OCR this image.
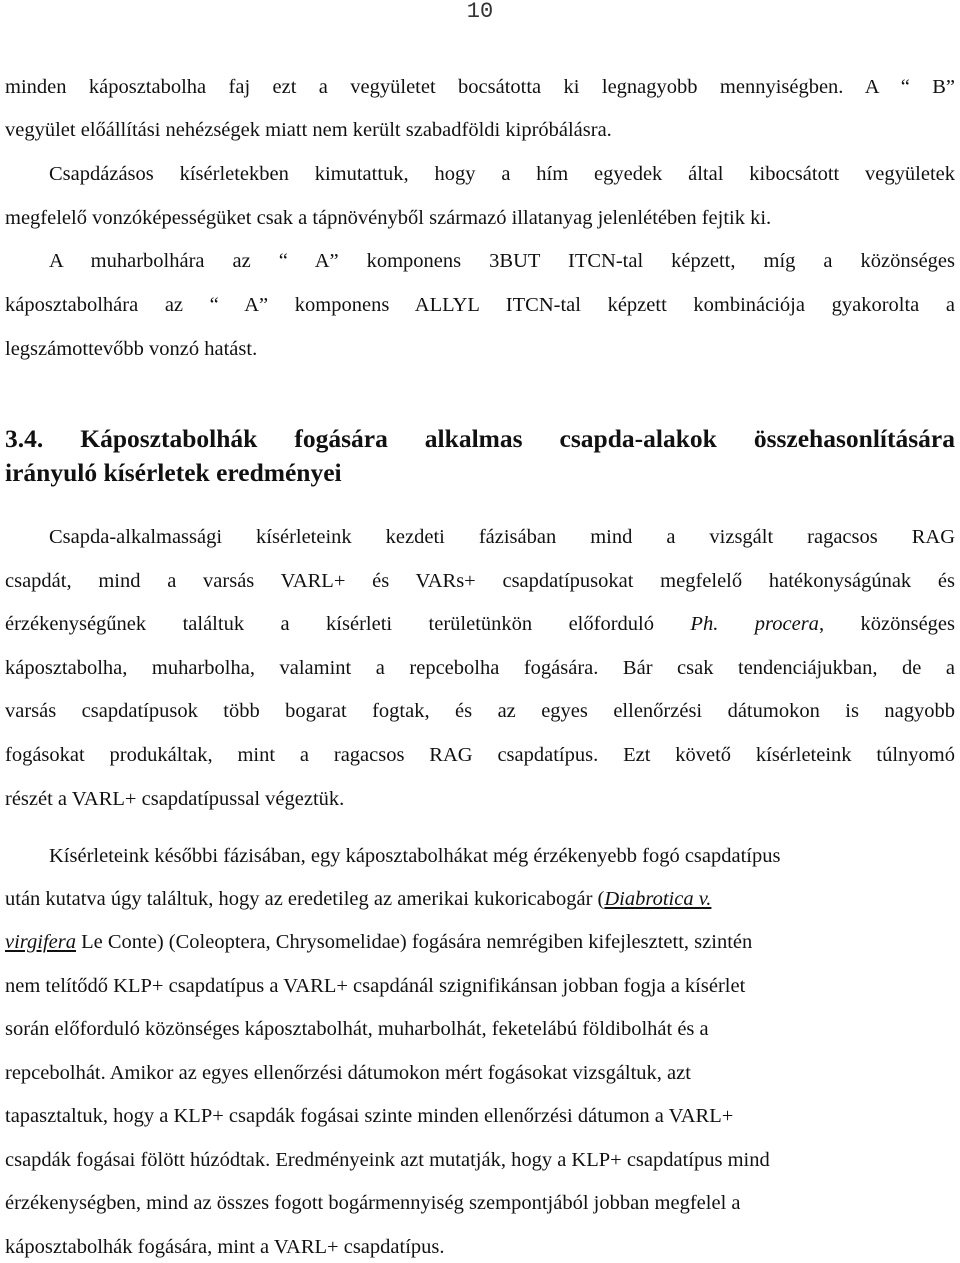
10
minden káposztabolha faj ezt a vegyületet bocsátotta ki legnagyobb mennyiségben. A “ B”
vegyület előállítási nehézségek miatt nem került szabadföldi kipróbálásra.
Csapdázásos kísérletekben kimutattuk, hogy a hím egyedek által kibocsátott vegyületek
megfelelő vonzóképességüket csak a tápnövényből származó illatanyag jelenlétében fejtik ki.
A muharbolhára az “ A” komponens 3BUT ITCN-tal képzett, míg a közönséges
káposztabolhára az “ A” komponens ALLYL ITCN-tal képzett kombinációja gyakorolta a
legszámottevőbb vonzó hatást.
3.4. Káposztabolhák fogására alkalmas csapda-alakok összehasonlítására
irányuló kísérletek eredményei
Csapda-alkalmassági kísérleteink kezdeti fázisában mind a vizsgált ragacsos RAG
csapdát, mind a varsás VARL+ és VARs+ csapdatípusokat megfelelő hatékonyságúnak és
érzékenységűnek találtuk a kísérleti területünkön előforduló Ph. procera, közönséges
káposztabolha, muharbolha, valamint a repcebolha fogására. Bár csak tendenciájukban, de a
varsás csapdatípusok több bogarat fogtak, és az egyes ellenőrzési dátumokon is nagyobb
fogásokat produkáltak, mint a ragacsos RAG csapdatípus. Ezt követő kísérleteink túlnyomó
részét a VARL+ csapdatípussal végeztük.
Kísérleteink későbbi fázisában, egy káposztabolhákat még érzékenyebb fogó csapdatípus
után kutatva úgy találtuk, hogy az eredetileg az amerikai kukoricabogár (Diabrotica v.
virgifera Le Conte) (Coleoptera, Chrysomelidae) fogására nemrégiben kifejlesztett, szintén
nem telítődő KLP+ csapdatípus a VARL+ csapdánál szignifikánsan jobban fogja a kísérlet
során előforduló közönséges káposztabolhát, muharbolhát, feketelábú földibolhát és a
repcebolhát. Amikor az egyes ellenőrzési dátumokon mért fogásokat vizsgáltuk, azt
tapasztaltuk, hogy a KLP+ csapdák fogásai szinte minden ellenőrzési dátumon a VARL+
csapdák fogásai fölött húzódtak. Eredményeink azt mutatják, hogy a KLP+ csapdatípus mind
érzékenységben, mind az összes fogott bogármennyiség szempontjából jobban megfelel a
káposztabolhák fogására, mint a VARL+ csapdatípus.
